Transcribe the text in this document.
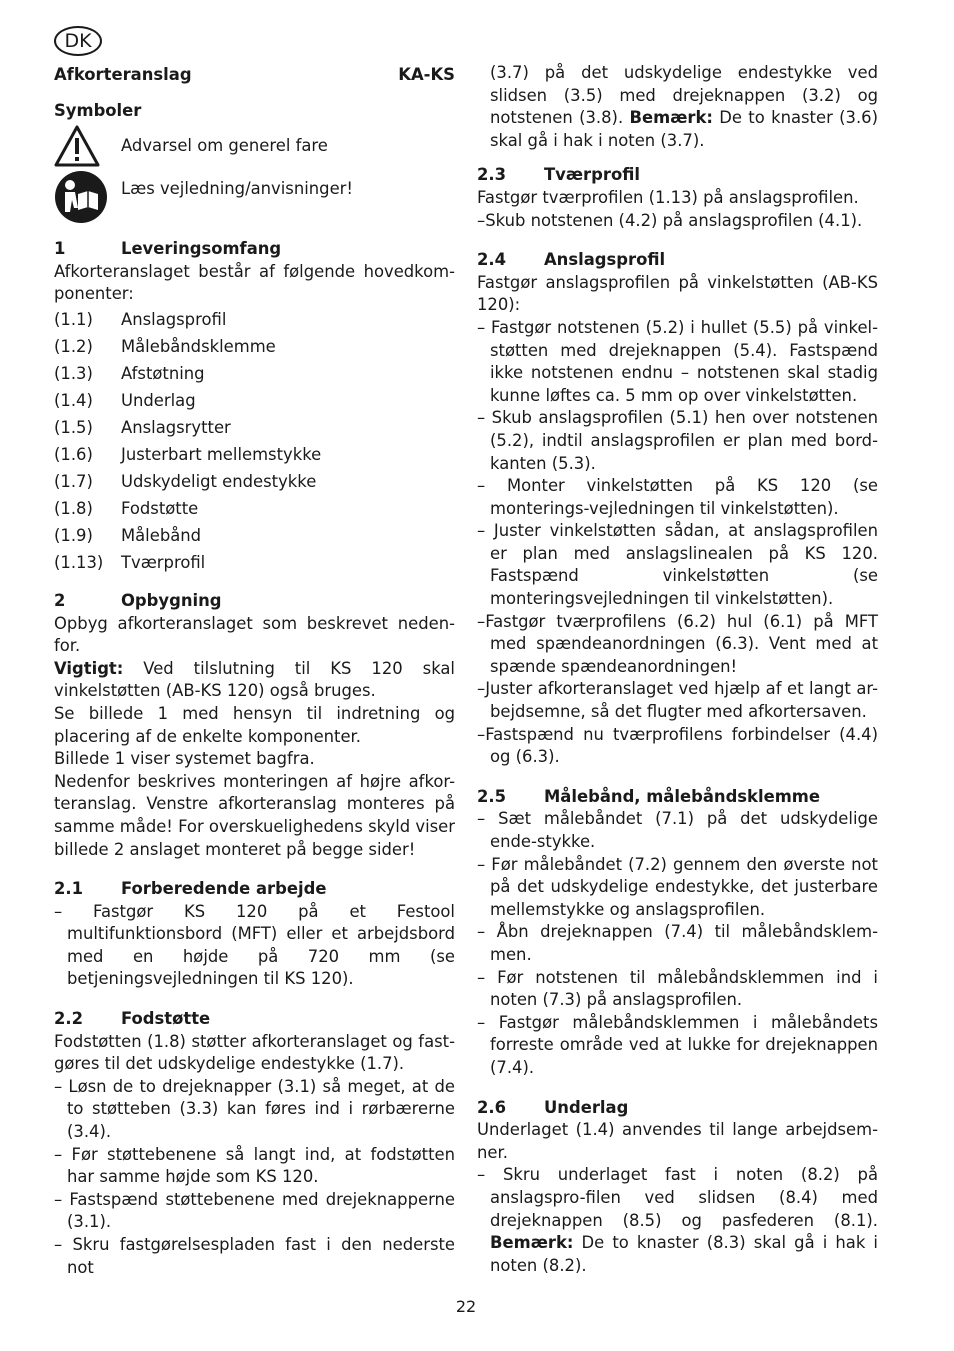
DK
Afkorteranslag	KA-KS
Symboler
Advarsel om generel fare
Læs vejledning/anvisninger!
1	Leveringsomfang
Afkorteranslaget består af følgende hovedkom-ponenter:
(1.1)	Anslagsprofil
(1.2)	Målebåndsklemme
(1.3)	Afstøtning
(1.4)	Underlag
(1.5)	Anslagsrytter
(1.6)	Justerbart mellemstykke
(1.7)	Udskydeligt endestykke
(1.8)	Fodstøtte
(1.9)	Målebånd
(1.13)	Tværprofil
2	Opbygning
Opbyg afkorteranslaget som beskrevet neden-for.
Vigtigt: Ved tilslutning til KS 120 skal vinkelstøtten (AB-KS 120) også bruges.
Se billede 1 med hensyn til indretning og placering af de enkelte komponenter.
Billede 1 viser systemet bagfra.
Nedenfor beskrives monteringen af højre afkor-teranslag. Venstre afkorteranslag monteres på samme måde! For overskuelighedens skyld viser billede 2 anslaget monteret på begge sider!
2.1	Forberedende arbejde
– Fastgør KS 120 på et Festool multifunktionsbord (MFT) eller et arbejdsbord med en højde på 720 mm (se betjeningsvejledningen til KS 120).
2.2	Fodstøtte
Fodstøtten (1.8) støtter afkorteranslaget og fast-gøres til det udskydelige endestykke (1.7).
– Løsn de to drejeknapper (3.1) så meget, at de to støtteben (3.3) kan føres ind i rørbærerne (3.4).
– Før støttebenene så langt ind, at fodstøtten har samme højde som KS 120.
– Fastspænd støttebenene med drejeknapperne (3.1).
– Skru fastgørelsespladen fast i den nederste not
(3.7) på det udskydelige endestykke ved slidsen (3.5) med drejeknappen (3.2) og notstenen (3.8). Bemærk: De to knaster (3.6) skal gå i hak i noten (3.7).
2.3	Tværprofil
Fastgør tværprofilen (1.13) på anslagsprofilen.
–Skub notstenen (4.2) på anslagsprofilen (4.1).
2.4	Anslagsprofil
Fastgør anslagsprofilen på vinkelstøtten (AB-KS 120):
– Fastgør notstenen (5.2) i hullet (5.5) på vinkel-støtten med drejeknappen (5.4). Fastspænd ikke notstenen endnu – notstenen skal stadig kunne løftes ca. 5 mm op over vinkelstøtten.
– Skub anslagsprofilen (5.1) hen over notstenen (5.2), indtil anslagsprofilen er plan med bord-kanten (5.3).
– Monter vinkelstøtten på KS 120 (se monterings-vejledningen til vinkelstøtten).
– Juster vinkelstøtten sådan, at anslagsprofilen er plan med anslagslinealen på KS 120. Fastspænd vinkelstøtten (se monteringsvejledningen til vinkelstøtten).
–Fastgør tværprofilens (6.2) hul (6.1) på MFT med spændeanordningen (6.3). Vent med at spænde spændeanordningen!
–Juster afkorteranslaget ved hjælp af et langt ar-bejdsemne, så det flugter med afkortersaven.
–Fastspænd nu tværprofilens forbindelser (4.4) og (6.3).
2.5	Målebånd, målebåndsklemme
– Sæt målebåndet (7.1) på det udskydelige ende-stykke.
– Før målebåndet (7.2) gennem den øverste not på det udskydelige endestykke, det justerbare mellemstykke og anslagsprofilen.
– Åbn drejeknappen (7.4) til målebåndsklem-men.
– Før notstenen til målebåndsklemmen ind i noten (7.3) på anslagsprofilen.
– Fastgør målebåndsklemmen i målebåndets forreste område ved at lukke for drejeknappen (7.4).
2.6	Underlag
Underlaget (1.4) anvendes til lange arbejdsem-ner.
– Skru underlaget fast i noten (8.2) på anslagspro-filen ved slidsen (8.4) med drejeknappen (8.5) og pasfederen (8.1). Bemærk: De to knaster (8.3) skal gå i hak i noten (8.2).
22
